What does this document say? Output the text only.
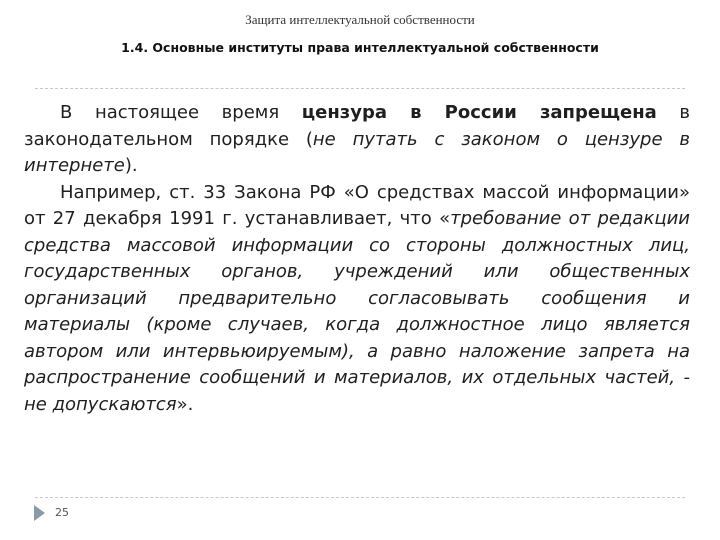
Защита интеллектуальной собственности
1.4. Основные институты права интеллектуальной собственности

В настоящее время цензура в России запрещена в законодательном порядке (не путать с законом о цензуре в интернете).

Например, ст. 33 Закона РФ «О средствах массой информации» от 27 декабря 1991 г. устанавливает, что «требование от редакции средства массовой информации со стороны должностных лиц, государственных органов, учреждений или общественных организаций предварительно согласовывать сообщения и материалы (кроме случаев, когда должностное лицо является автором или интервьюируемым), а равно наложение запрета на распространение сообщений и материалов, их отдельных частей, - не допускаются».

25
